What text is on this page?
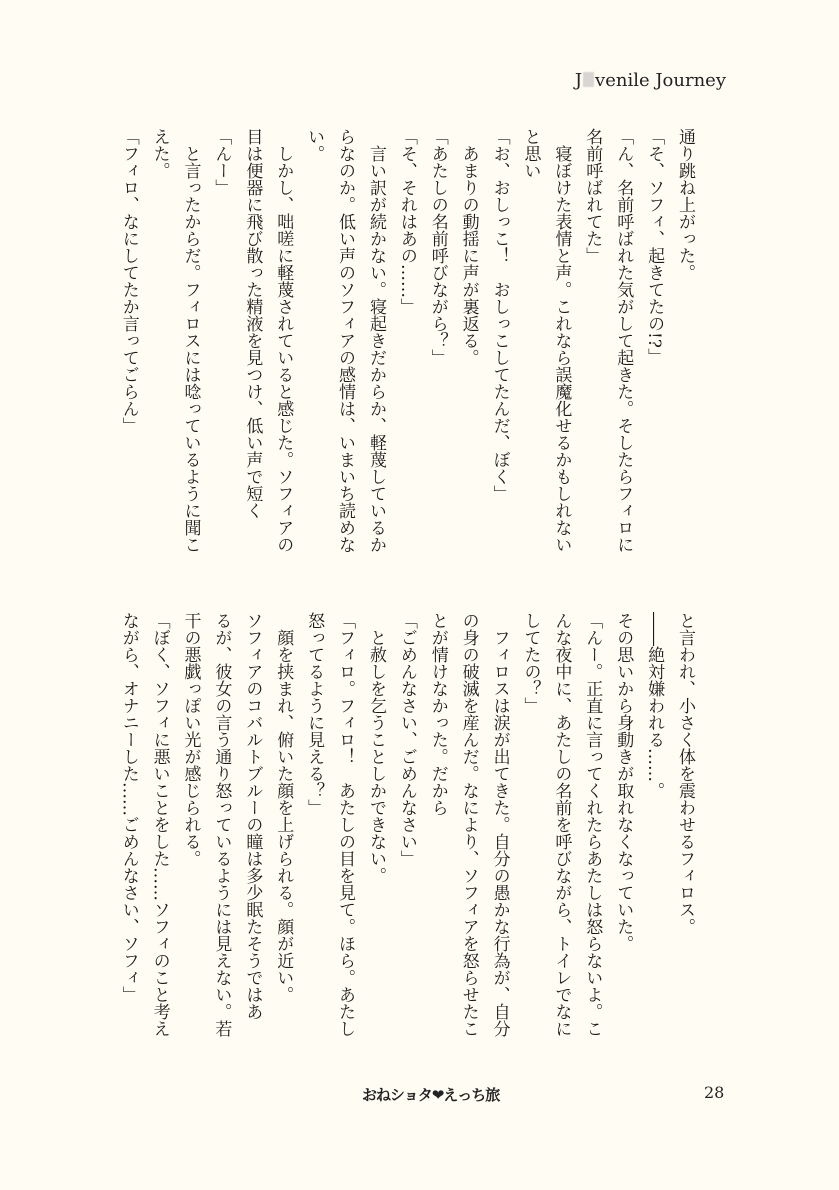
J venile Journey
通り跳ね上がった。
「そ、ソフィ、起きてたの!?」
「ん、名前呼ばれた気がして起きた。そしたらフィロに
名前呼ばれてた」
　寝ぼけた表情と声。これなら誤魔化せるかもしれない
と思い
「お、おしっこ！　おしっこしてたんだ、ぼく」
　あまりの動揺に声が裏返る。
「あたしの名前呼びながら？」
「そ、それはあの……」
　言い訳が続かない。寝起きだからか、軽蔑しているか
らなのか。低い声のソフィアの感情は、いまいち読めな
い。
　しかし、咄嗟に軽蔑されていると感じた。ソフィアの
目は便器に飛び散った精液を見つけ、低い声で短く
「んー」
　と言ったからだ。フィロスには唸っているように聞こ
えた。
「フィロ、なにしてたか言ってごらん」
と言われ、小さく体を震わせるフィロス。
――絶対嫌われる……。
その思いから身動きが取れなくなっていた。
「んー。正直に言ってくれたらあたしは怒らないよ。こ
んな夜中に、あたしの名前を呼びながら、トイレでなに
してたの？」
　フィロスは涙が出てきた。自分の愚かな行為が、自分
の身の破滅を産んだ。なにより、ソフィアを怒らせたこ
とが情けなかった。だから
「ごめんなさい、ごめんなさい」
　と赦しを乞うことしかできない。
「フィロ。フィロ！　あたしの目を見て。ほら。あたし
怒ってるように見える？」
　顔を挟まれ、俯いた顔を上げられる。顔が近い。
ソフィアのコバルトブルーの瞳は多少眠たそうではあ
るが、彼女の言う通り怒っているようには見えない。若
干の悪戯っぽい光が感じられる。
「ぼく、ソフィに悪いことをした……ソフィのこと考え
ながら、オナニーした……ごめんなさい、ソフィ」
おねショタ❤えっち旅	28
